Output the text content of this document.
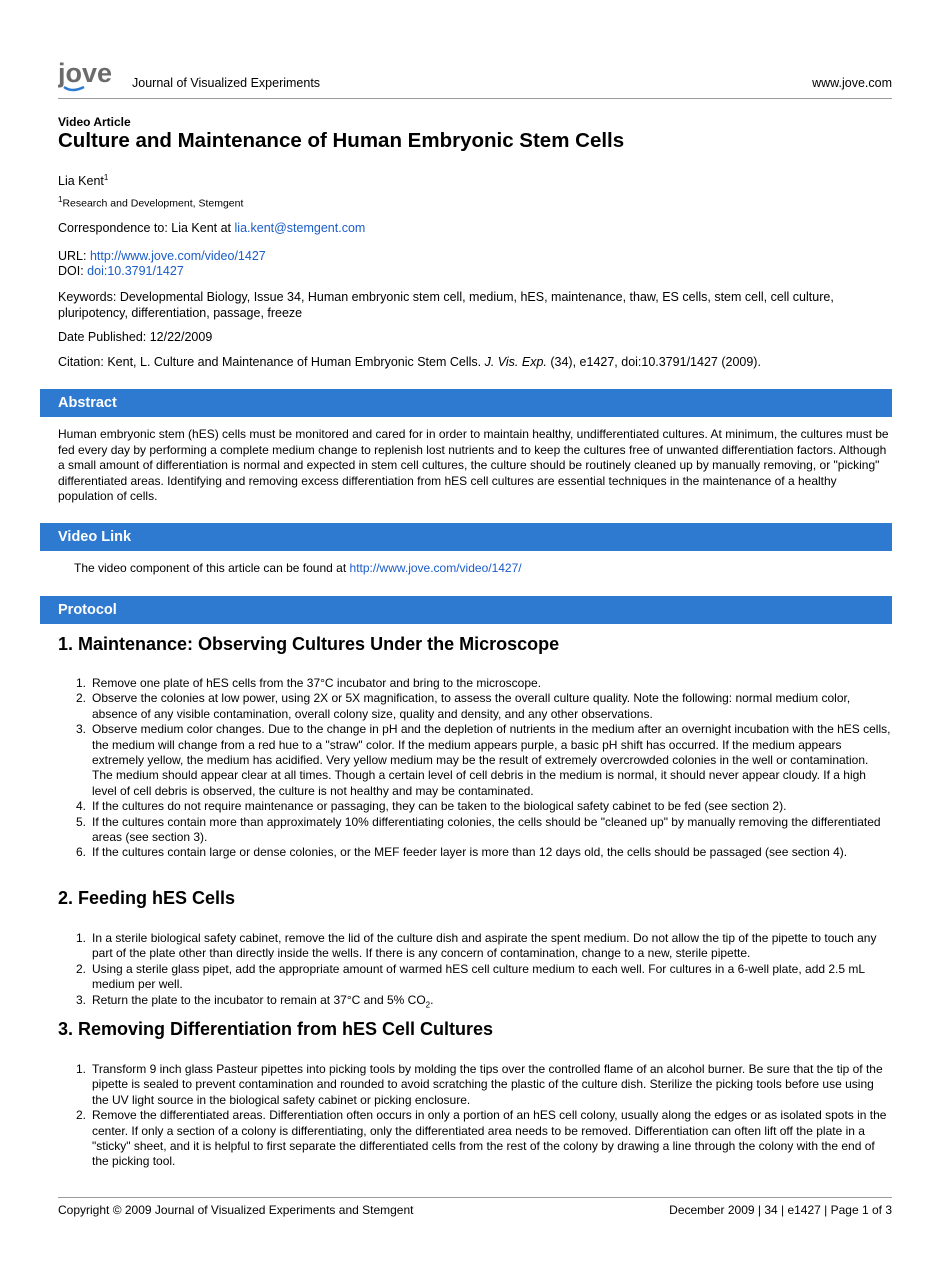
jove Journal of Visualized Experiments	www.jove.com
Video Article
Culture and Maintenance of Human Embryonic Stem Cells
Lia Kent$^1$
$^1$Research and Development, Stemgent
Correspondence to: Lia Kent at lia.kent@stemgent.com
URL: http://www.jove.com/video/1427
DOI: doi:10.3791/1427
Keywords: Developmental Biology, Issue 34, Human embryonic stem cell, medium, hES, maintenance, thaw, ES cells, stem cell, cell culture, pluripotency, differentiation, passage, freeze
Date Published: 12/22/2009
Citation: Kent, L. Culture and Maintenance of Human Embryonic Stem Cells. J. Vis. Exp. (34), e1427, doi:10.3791/1427 (2009).
Abstract
Human embryonic stem (hES) cells must be monitored and cared for in order to maintain healthy, undifferentiated cultures. At minimum, the cultures must be fed every day by performing a complete medium change to replenish lost nutrients and to keep the cultures free of unwanted differentiation factors. Although a small amount of differentiation is normal and expected in stem cell cultures, the culture should be routinely cleaned up by manually removing, or "picking" differentiated areas. Identifying and removing excess differentiation from hES cell cultures are essential techniques in the maintenance of a healthy population of cells.
Video Link
The video component of this article can be found at http://www.jove.com/video/1427/
Protocol
1. Maintenance: Observing Cultures Under the Microscope
1. Remove one plate of hES cells from the 37°C incubator and bring to the microscope.
2. Observe the colonies at low power, using 2X or 5X magnification, to assess the overall culture quality. Note the following: normal medium color, absence of any visible contamination, overall colony size, quality and density, and any other observations.
3. Observe medium color changes. Due to the change in pH and the depletion of nutrients in the medium after an overnight incubation with the hES cells, the medium will change from a red hue to a "straw" color. If the medium appears purple, a basic pH shift has occurred. If the medium appears extremely yellow, the medium has acidified. Very yellow medium may be the result of extremely overcrowded colonies in the well or contamination. The medium should appear clear at all times. Though a certain level of cell debris in the medium is normal, it should never appear cloudy. If a high level of cell debris is observed, the culture is not healthy and may be contaminated.
4. If the cultures do not require maintenance or passaging, they can be taken to the biological safety cabinet to be fed (see section 2).
5. If the cultures contain more than approximately 10% differentiating colonies, the cells should be "cleaned up" by manually removing the differentiated areas (see section 3).
6. If the cultures contain large or dense colonies, or the MEF feeder layer is more than 12 days old, the cells should be passaged (see section 4).
2. Feeding hES Cells
1. In a sterile biological safety cabinet, remove the lid of the culture dish and aspirate the spent medium. Do not allow the tip of the pipette to touch any part of the plate other than directly inside the wells. If there is any concern of contamination, change to a new, sterile pipette.
2. Using a sterile glass pipet, add the appropriate amount of warmed hES cell culture medium to each well. For cultures in a 6-well plate, add 2.5 mL medium per well.
3. Return the plate to the incubator to remain at 37°C and 5% $CO_2$.
3. Removing Differentiation from hES Cell Cultures
1. Transform 9 inch glass Pasteur pipettes into picking tools by molding the tips over the controlled flame of an alcohol burner. Be sure that the tip of the pipette is sealed to prevent contamination and rounded to avoid scratching the plastic of the culture dish. Sterilize the picking tools before use using the UV light source in the biological safety cabinet or picking enclosure.
2. Remove the differentiated areas. Differentiation often occurs in only a portion of an hES cell colony, usually along the edges or as isolated spots in the center. If only a section of a colony is differentiating, only the differentiated area needs to be removed. Differentiation can often lift off the plate in a "sticky" sheet, and it is helpful to first separate the differentiated cells from the rest of the colony by drawing a line through the colony with the end of the picking tool.
Copyright © 2009 Journal of Visualized Experiments and Stemgent	December 2009 | 34 | e1427 | Page 1 of 3
